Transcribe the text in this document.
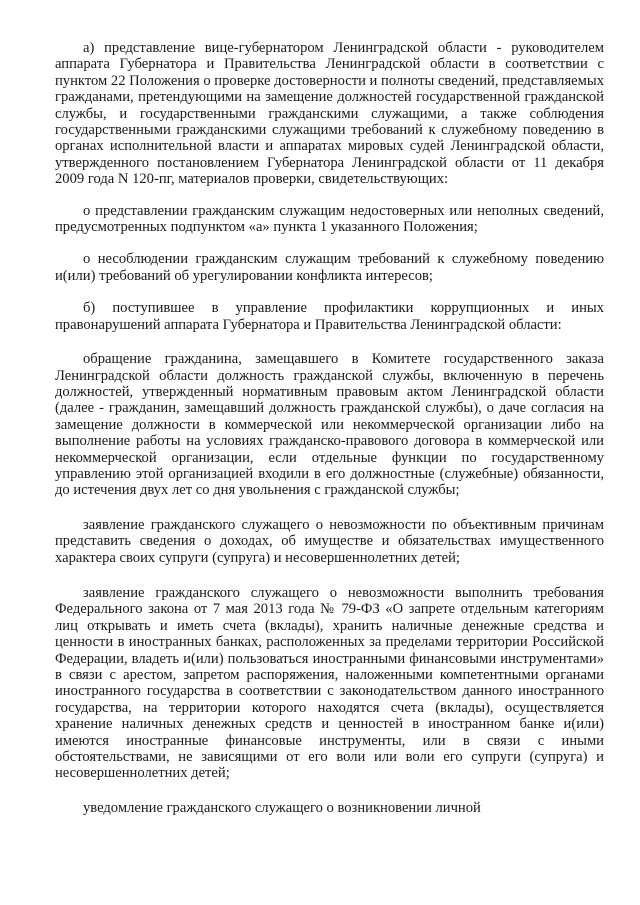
а) представление вице-губернатором Ленинградской области - руководителем аппарата Губернатора и Правительства Ленинградской области в соответствии с пунктом 22 Положения о проверке достоверности и полноты сведений, представляемых гражданами, претендующими на замещение должностей государственной гражданской службы, и государственными гражданскими служащими, а также соблюдения государственными гражданскими служащими требований к служебному поведению в органах исполнительной власти и аппаратах мировых судей Ленинградской области, утвержденного постановлением Губернатора Ленинградской области от 11 декабря 2009 года N 120-пг, материалов проверки, свидетельствующих:

о представлении гражданским служащим недостоверных или неполных сведений, предусмотренных подпунктом «а» пункта 1 указанного Положения;

о несоблюдении гражданским служащим требований к служебному поведению и(или) требований об урегулировании конфликта интересов;

б) поступившее в управление профилактики коррупционных и иных правонарушений аппарата Губернатора и Правительства Ленинградской области:

обращение гражданина, замещавшего в Комитете государственного заказа Ленинградской области должность гражданской службы, включенную в перечень должностей, утвержденный нормативным правовым актом Ленинградской области (далее - гражданин, замещавший должность гражданской службы), о даче согласия на замещение должности в коммерческой или некоммерческой организации либо на выполнение работы на условиях гражданско-правового договора в коммерческой или некоммерческой организации, если отдельные функции по государственному управлению этой организацией входили в его должностные (служебные) обязанности, до истечения двух лет со дня увольнения с гражданской службы;

заявление гражданского служащего о невозможности по объективным причинам представить сведения о доходах, об имуществе и обязательствах имущественного характера своих супруги (супруга) и несовершеннолетних детей;

заявление гражданского служащего о невозможности выполнить требования Федерального закона от 7 мая 2013 года № 79-ФЗ «О запрете отдельным категориям лиц открывать и иметь счета (вклады), хранить наличные денежные средства и ценности в иностранных банках, расположенных за пределами территории Российской Федерации, владеть и(или) пользоваться иностранными финансовыми инструментами» в связи с арестом, запретом распоряжения, наложенными компетентными органами иностранного государства в соответствии с законодательством данного иностранного государства, на территории которого находятся счета (вклады), осуществляется хранение наличных денежных средств и ценностей в иностранном банке и(или) имеются иностранные финансовые инструменты, или в связи с иными обстоятельствами, не зависящими от его воли или воли его супруги (супруга) и несовершеннолетних детей;

уведомление гражданского служащего о возникновении личной
